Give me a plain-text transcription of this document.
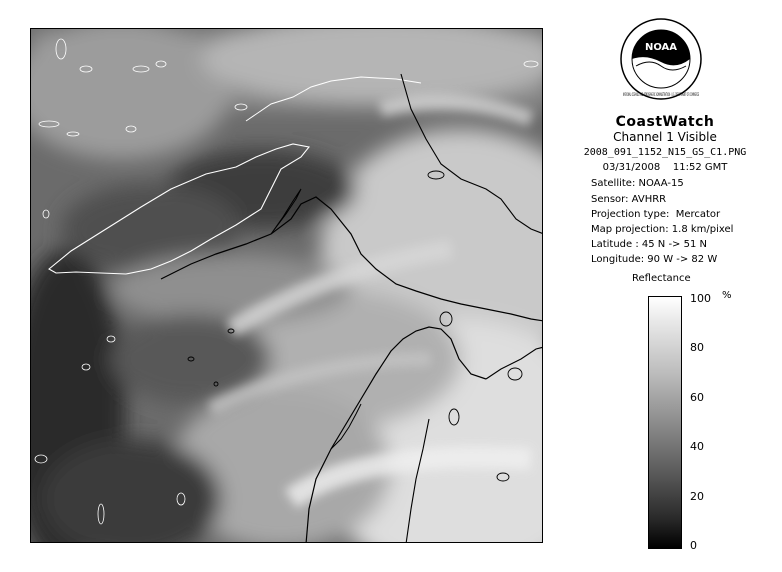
NOAA
NATIONAL OCEANIC AND ATMOSPHERIC ADMINISTRATION · U.S. DEPARTMENT OF COMMERCE
CoastWatch
Channel 1 Visible
2008_091_1152_N15_GS_C1.PNG
03/31/2008    11:52 GMT
Satellite: NOAA-15
Sensor: AVHRR
Projection type:  Mercator
Map projection: 1.8 km/pixel
Latitude : 45 N -> 51 N
Longitude: 90 W -> 82 W
Reflectance
%
100
80
60
40
20
0
